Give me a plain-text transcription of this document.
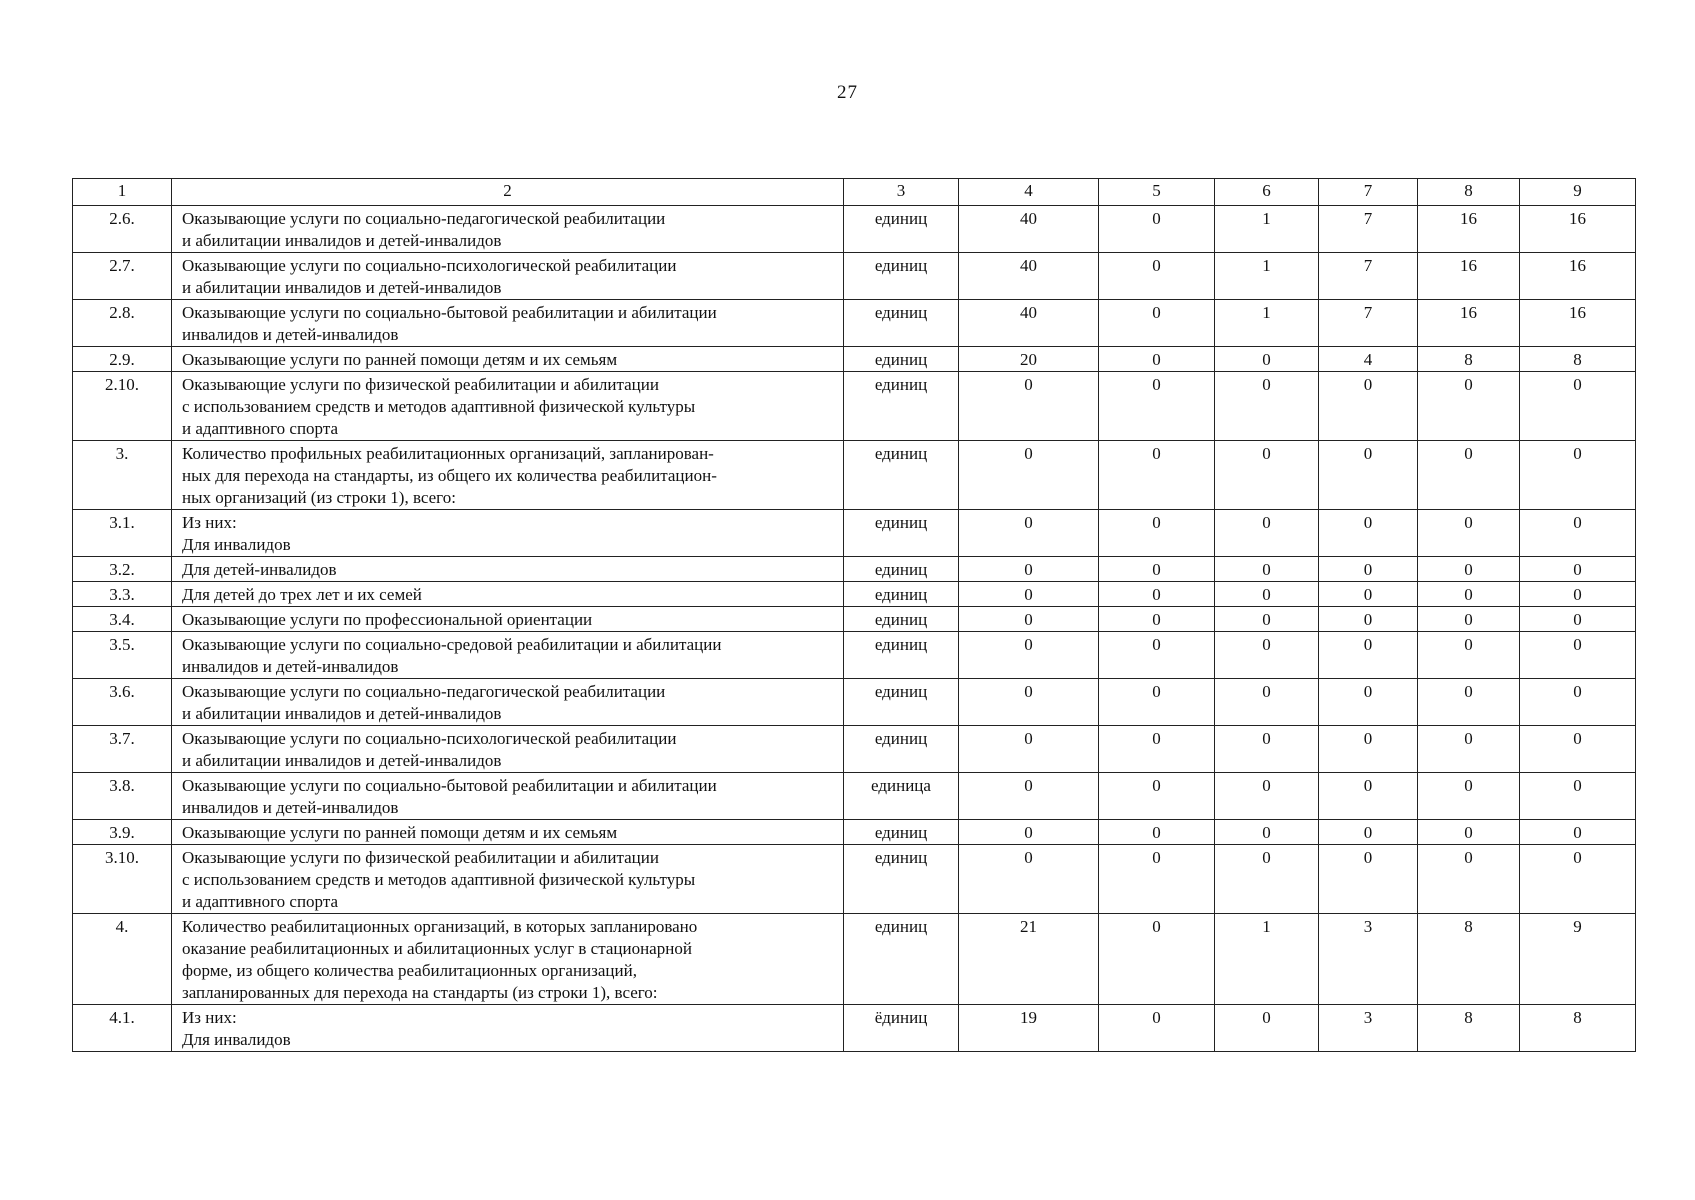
27
1	2	3	4	5	6	7	8	9
2.6.	Оказывающие услуги по социально-педагогической реабилитации
и абилитации инвалидов и детей-инвалидов	единиц	40	0	1	7	16	16
2.7.	Оказывающие услуги по социально-психологической реабилитации
и абилитации инвалидов и детей-инвалидов	единиц	40	0	1	7	16	16
2.8.	Оказывающие услуги по социально-бытовой реабилитации и абилитации
инвалидов и детей-инвалидов	единиц	40	0	1	7	16	16
2.9.	Оказывающие услуги по ранней помощи детям и их семьям	единиц	20	0	0	4	8	8
2.10.	Оказывающие услуги по физической реабилитации и абилитации
с использованием средств и методов адаптивной физической культуры
и адаптивного спорта	единиц	0	0	0	0	0	0
3.	Количество профильных реабилитационных организаций, запланирован-
ных для перехода на стандарты, из общего их количества реабилитацион-
ных организаций (из строки 1), всего:	единиц	0	0	0	0	0	0
3.1.	Из них:
Для инвалидов	единиц	0	0	0	0	0	0
3.2.	Для детей-инвалидов	единиц	0	0	0	0	0	0
3.3.	Для детей до трех лет и их семей	единиц	0	0	0	0	0	0
3.4.	Оказывающие услуги по профессиональной ориентации	единиц	0	0	0	0	0	0
3.5.	Оказывающие услуги по социально-средовой реабилитации и абилитации
инвалидов и детей-инвалидов	единиц	0	0	0	0	0	0
3.6.	Оказывающие услуги по социально-педагогической реабилитации
и абилитации инвалидов и детей-инвалидов	единиц	0	0	0	0	0	0
3.7.	Оказывающие услуги по социально-психологической реабилитации
и абилитации инвалидов и детей-инвалидов	единиц	0	0	0	0	0	0
3.8.	Оказывающие услуги по социально-бытовой реабилитации и абилитации
инвалидов и детей-инвалидов	единица	0	0	0	0	0	0
3.9.	Оказывающие услуги по ранней помощи детям и их семьям	единиц	0	0	0	0	0	0
3.10.	Оказывающие услуги по физической реабилитации и абилитации
с использованием средств и методов адаптивной физической культуры
и адаптивного спорта	единиц	0	0	0	0	0	0
4.	Количество реабилитационных организаций, в которых запланировано
оказание реабилитационных и абилитационных услуг в стационарной
форме, из общего количества реабилитационных организаций,
запланированных для перехода на стандарты (из строки 1), всего:	единиц	21	0	1	3	8	9
4.1.	Из них:
Для инвалидов	ёдиниц	19	0	0	3	8	8
